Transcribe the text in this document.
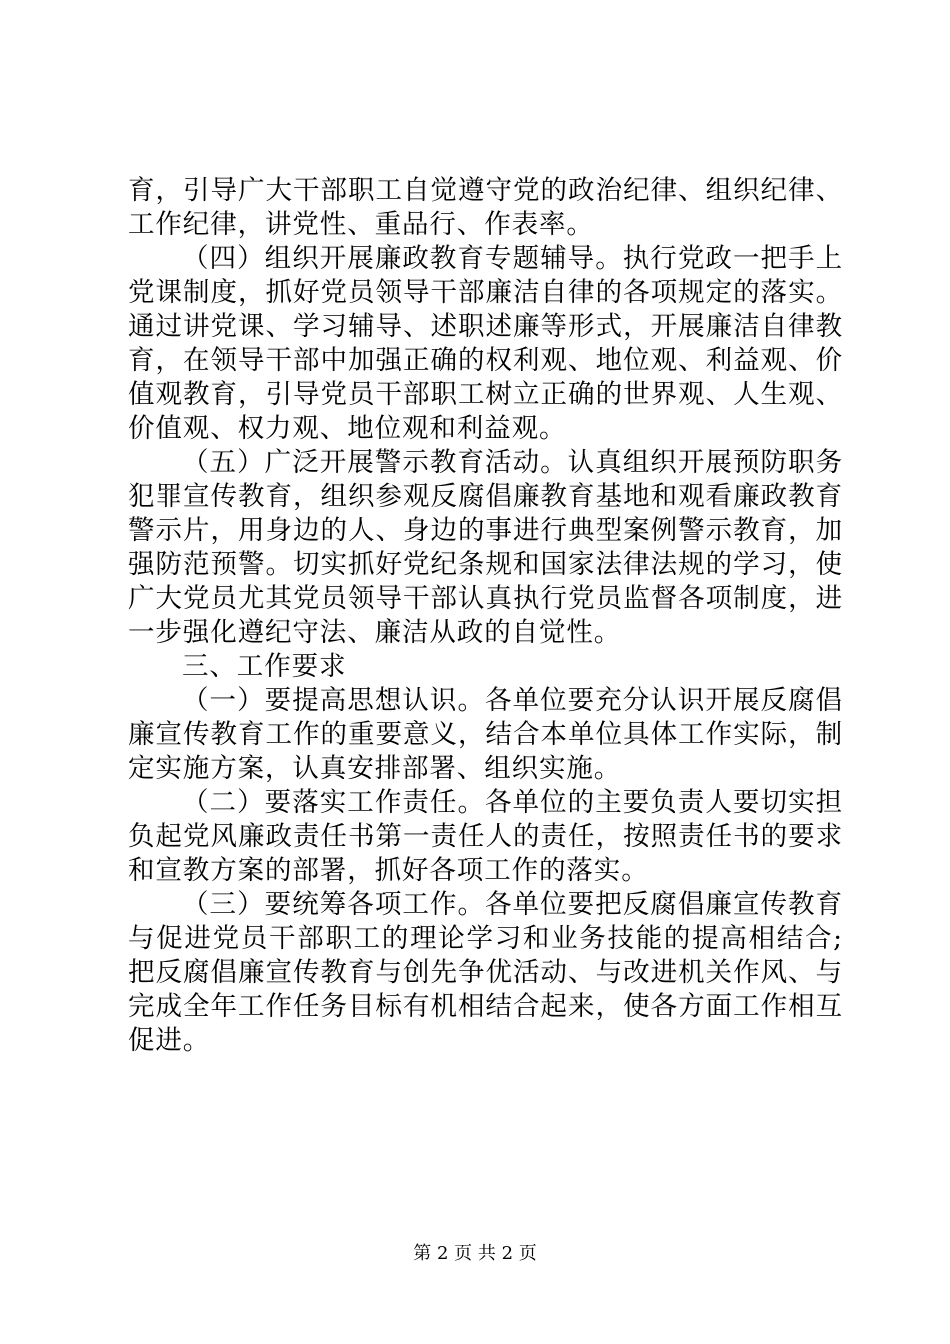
育，引导广大干部职工自觉遵守党的政治纪律、组织纪律、工作纪律，讲党性、重品行、作表率。

（四）组织开展廉政教育专题辅导。执行党政一把手上党课制度，抓好党员领导干部廉洁自律的各项规定的落实。通过讲党课、学习辅导、述职述廉等形式，开展廉洁自律教育，在领导干部中加强正确的权利观、地位观、利益观、价值观教育，引导党员干部职工树立正确的世界观、人生观、价值观、权力观、地位观和利益观。

（五）广泛开展警示教育活动。认真组织开展预防职务犯罪宣传教育，组织参观反腐倡廉教育基地和观看廉政教育警示片，用身边的人、身边的事进行典型案例警示教育，加强防范预警。切实抓好党纪条规和国家法律法规的学习，使广大党员尤其党员领导干部认真执行党员监督各项制度，进一步强化遵纪守法、廉洁从政的自觉性。

三、工作要求

（一）要提高思想认识。各单位要充分认识开展反腐倡廉宣传教育工作的重要意义，结合本单位具体工作实际，制定实施方案，认真安排部署、组织实施。

（二）要落实工作责任。各单位的主要负责人要切实担负起党风廉政责任书第一责任人的责任，按照责任书的要求和宣教方案的部署，抓好各项工作的落实。

（三）要统筹各项工作。各单位要把反腐倡廉宣传教育与促进党员干部职工的理论学习和业务技能的提高相结合;把反腐倡廉宣传教育与创先争优活动、与改进机关作风、与完成全年工作任务目标有机相结合起来，使各方面工作相互促进。

第 2 页 共 2 页
